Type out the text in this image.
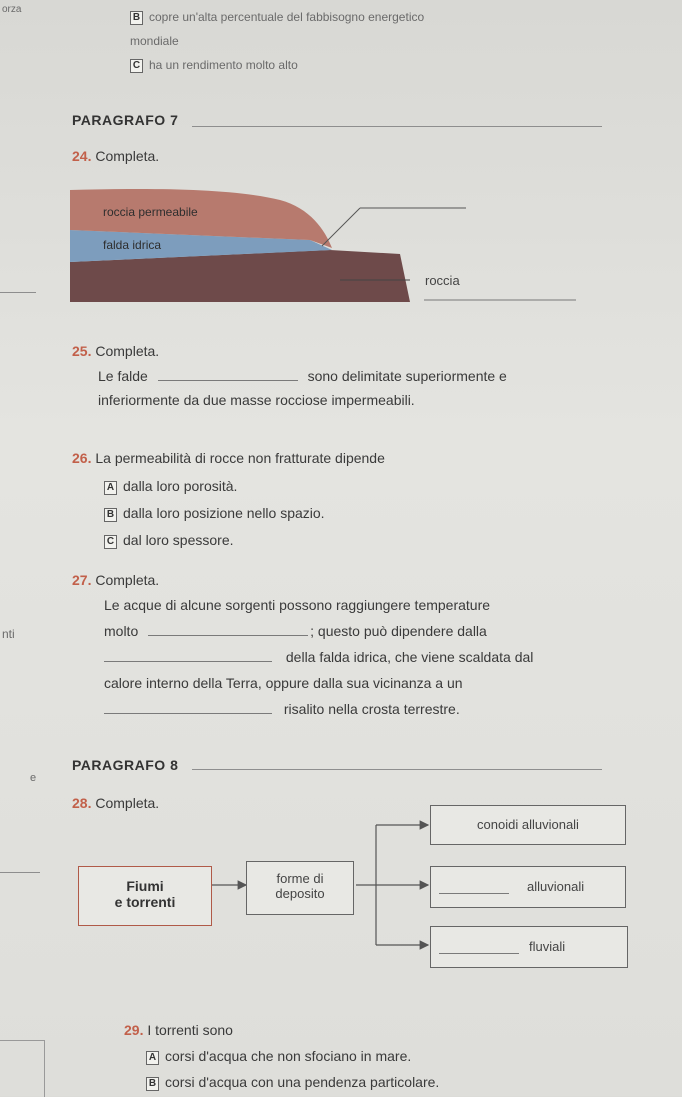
orza
nti
e
B copre un'alta percentuale del fabbisogno energetico
mondiale
C ha un rendimento molto alto
PARAGRAFO 7
24. Completa.
roccia permeabile
falda idrica
roccia
25. Completa.
Le falde	sono delimitate superiormente e
inferiormente da due masse rocciose impermeabili.
26. La permeabilità di rocce non fratturate dipende
A dalla loro porosità.
B dalla loro posizione nello spazio.
C dal loro spessore.
27. Completa.
Le acque di alcune sorgenti possono raggiungere temperature
molto	; questo può dipendere dalla
della falda idrica, che viene scaldata dal
calore interno della Terra, oppure dalla sua vicinanza a un
risalito nella crosta terrestre.
PARAGRAFO 8
28. Completa.
Fiumi
e torrenti
forme di
deposito
conoidi alluvionali
alluvionali
fluviali
29. I torrenti sono
A corsi d'acqua che non sfociano in mare.
B corsi d'acqua con una pendenza particolare.
